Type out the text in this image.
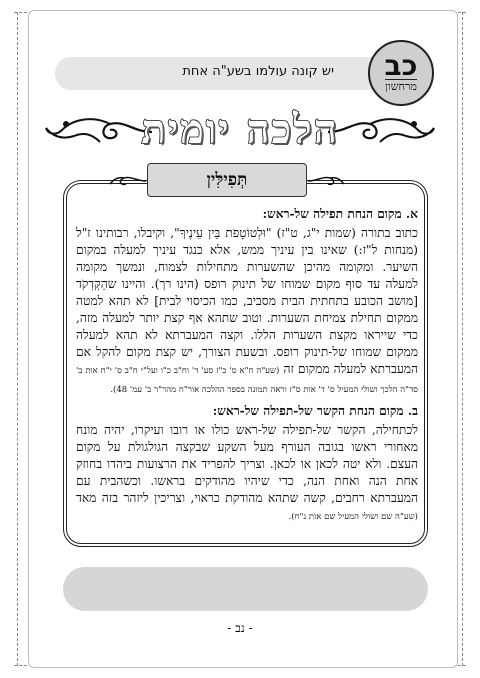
יש קונה עולמו בשע"ה אחת כב
מרחשון
הלכה יומית
תְּפִילִּין

א. מקום הנחת תפילה של-ראש:

כתוב בתורה (שמות י"ג, ט"ז) "וּלְטוֹטָפֹת בֵּין עֵינֶיךָ", וקיבלו, רבותינו ז"ל (מנחות ל"ז:) שאינו בין עיניך ממש, אלא כנגד עיניך למעלה במקום השיער. ומקומה מהיכן שהשערות מתחילות לצמוח, ונמשך מקומה למעלה עד סוף מקום שמוחו של תינוק רופס (הינו רך). והיינו שהַקְּדְקֹד [מושב הכובע בתחתית הבית מסביב, כמו הכיסוי לבית] לא תהא למטה ממקום תחילת צמיחת השערות. וטוב שתהא אף קצת יותר למעלה מזה, כדי שייראו מקצת השערות הללו. וקצה המעברתא לא תהא למעלה ממקום שמוחו של-תינוק רופס. ובשעת הצורך, יש קצת מקום להקל אם המעברתא למעלה ממקום זה (שע"ה ח"א ס' כ"ז סע' ד' וח"ב כ"ו ועל"י ח"ב ס' י"ח אות ב' סד"ה הלכך ושולי המעיל ס' ד' אות ס"ז וראה תמונה בספר ההלכה אור"ח מהר"ר ב' עמ' 48).

ב. מקום הנחת הקשר של-תפילה של-ראש:

לכתחילה, הקשר של-תפילה של-ראש כולו או רובו ועיקרו, יהיה מונח מאחורי ראשו בגובה העורף מעל השקע שבקצה הגולגולת על מקום העצם. ולא יטה לכאן או לכאן. וצריך להפריד את הרצועות ביהדו בחוזק אחת הנה ואחת הנה, כדי שיהיו מהודקים בראשו. וכשהבית עם המעברתא רחבים, קשה שתהא מהודקת כראוי, וצריכין ליזהר בזה מאד (שע"ה שם ושולי המעיל שם אות נ"ח).

- נב -
